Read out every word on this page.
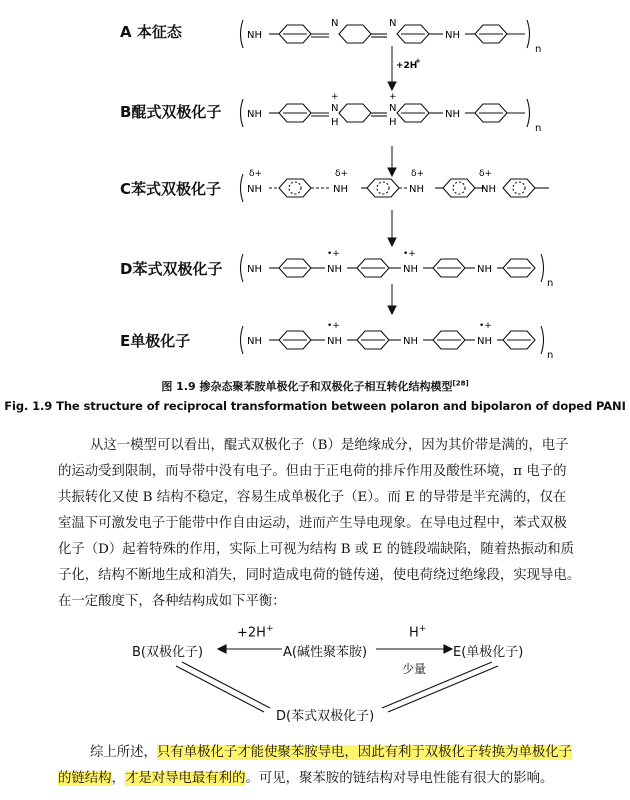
A 本征态
B醌式双极化子
C苯式双极化子
D苯式双极化子
E单极化子
NH
N	N
NH
n
NH
+
N
H
+
N
H
NH
n
δ+
NH
δ+
NH
δ+
NH
δ+
NH
NH
•+
NH
•+
NH	NH
n
NH
•+
NH	NH
•+
NH
n
+2H
+
图 1.9 掺杂态聚苯胺单极化子和双极化子相互转化结构模型[28]
Fig. 1.9 The structure of reciprocal transformation between polaron and bipolaron of doped PANI
从这一模型可以看出，醌式双极化子（B）是绝缘成分，因为其价带是满的，电子
的运动受到限制，而导带中没有电子。但由于正电荷的排斥作用及酸性环境，π 电子的
共振转化又使 B 结构不稳定，容易生成单极化子（E）。而 E 的导带是半充满的，仅在
室温下可激发电子于能带中作自由运动，进而产生导电现象。在导电过程中，苯式双极
化子（D）起着特殊的作用，实际上可视为结构 B 或 E 的链段端缺陷，随着热振动和质
子化，结构不断地生成和消失，同时造成电荷的链传递，使电荷绕过绝缘段，实现导电。
在一定酸度下，各种结构成如下平衡：
B(双极化子)	A(碱性聚苯胺)	E(单极化子)
D(苯式双极化子)
+2H+	H+
少量
综上所述，只有单极化子才能使聚苯胺导电，因此有利于双极化子转换为单极化子
的链结构，才是对导电最有利的。可见，聚苯胺的链结构对导电性能有很大的影响。
